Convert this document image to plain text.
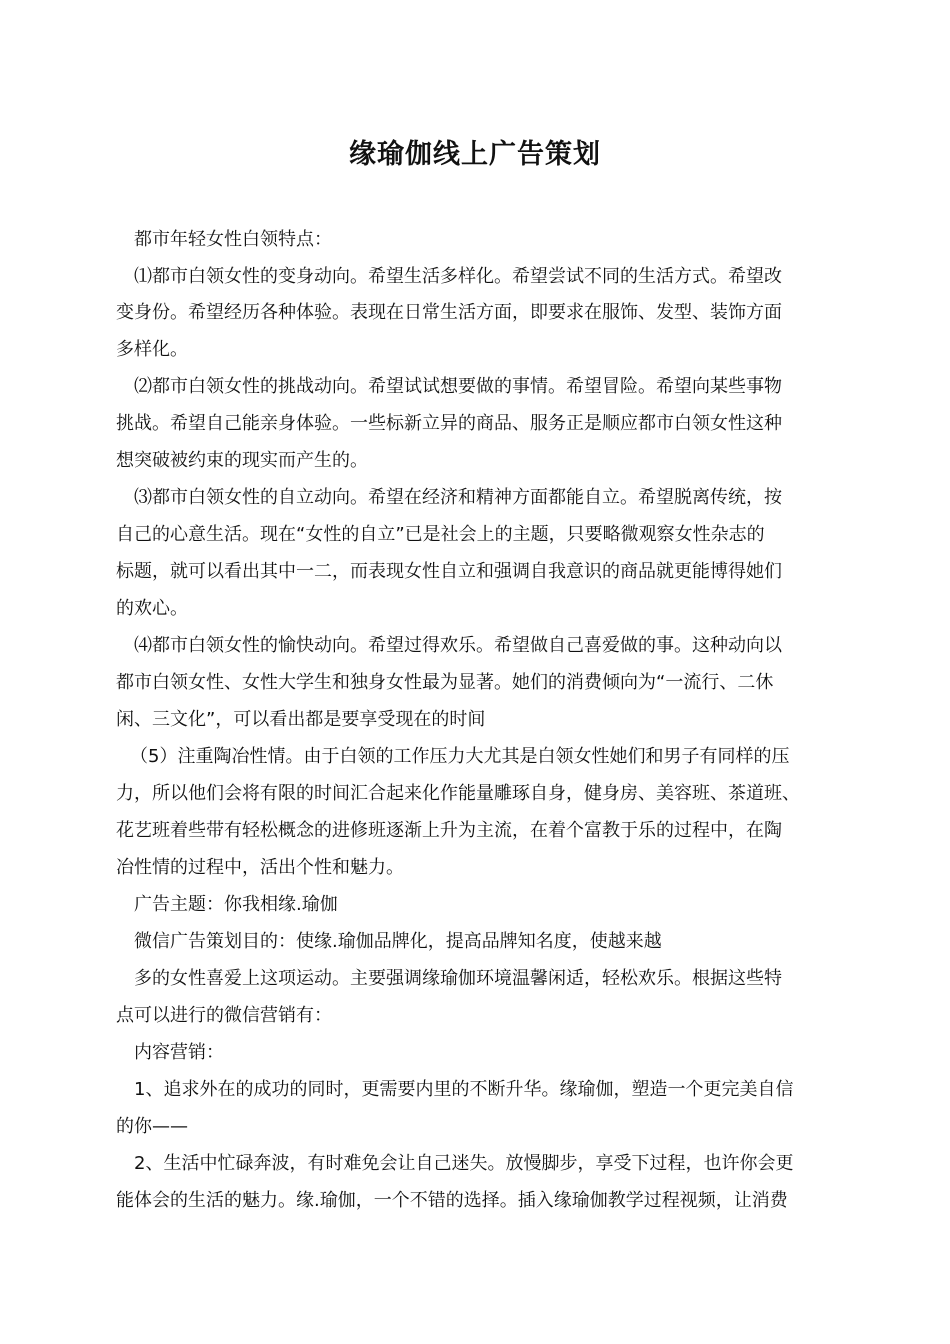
缘瑜伽线上广告策划

都市年轻女性白领特点：

⑴都市白领女性的变身动向。希望生活多样化。希望尝试不同的生活方式。希望改

变身份。希望经历各种体验。表现在日常生活方面，即要求在服饰、发型、装饰方面

多样化。

⑵都市白领女性的挑战动向。希望试试想要做的事情。希望冒险。希望向某些事物

挑战。希望自己能亲身体验。一些标新立异的商品、服务正是顺应都市白领女性这种

想突破被约束的现实而产生的。

⑶都市白领女性的自立动向。希望在经济和精神方面都能自立。希望脱离传统，按

自己的心意生活。现在“女性的自立”已是社会上的主题，只要略微观察女性杂志的

标题，就可以看出其中一二，而表现女性自立和强调自我意识的商品就更能博得她们

的欢心。

⑷都市白领女性的愉快动向。希望过得欢乐。希望做自己喜爱做的事。这种动向以

都市白领女性、女性大学生和独身女性最为显著。她们的消费倾向为“一流行、二休

闲、三文化”，可以看出都是要享受现在的时间

（5）注重陶冶性情。由于白领的工作压力大尤其是白领女性她们和男子有同样的压

力，所以他们会将有限的时间汇合起来化作能量雕琢自身，健身房、美容班、茶道班、

花艺班着些带有轻松概念的进修班逐渐上升为主流，在着个富教于乐的过程中，在陶

冶性情的过程中，活出个性和魅力。

广告主题：你我相缘.瑜伽

微信广告策划目的：使缘.瑜伽品牌化，提高品牌知名度，使越来越

多的女性喜爱上这项运动。主要强调缘瑜伽环境温馨闲适，轻松欢乐。根据这些特

点可以进行的微信营销有：

内容营销：

1、追求外在的成功的同时，更需要内里的不断升华。缘瑜伽，塑造一个更完美自信

的你——

2、生活中忙碌奔波，有时难免会让自己迷失。放慢脚步，享受下过程，也许你会更

能体会的生活的魅力。缘.瑜伽，一个不错的选择。插入缘瑜伽教学过程视频，让消费
